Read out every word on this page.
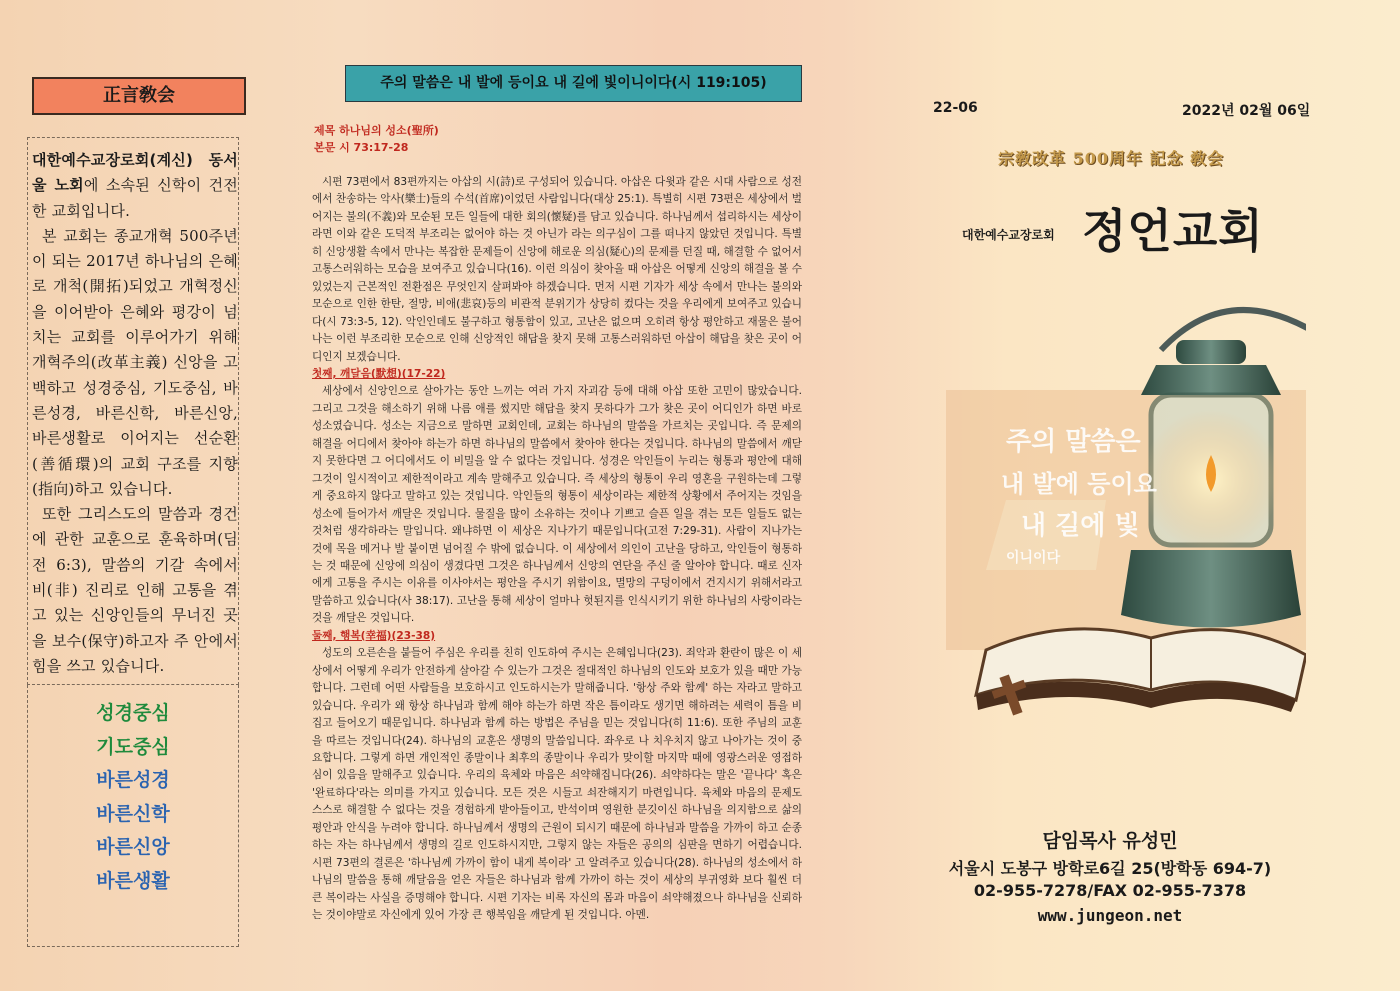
正言敎会

대한예수교장로회(계신) 동서울 노회에 소속된 신학이 건전한 교회입니다.

본 교회는 종교개혁 500주년이 되는 2017년 하나님의 은혜로 개척(開拓)되었고 개혁정신을 이어받아 은혜와 평강이 넘치는 교회를 이루어가기 위해 개혁주의(改革主義) 신앙을 고백하고 성경중심, 기도중심, 바른성경, 바른신학, 바른신앙, 바른생활로 이어지는 선순환(善循環)의 교회 구조를 지향(指向)하고 있습니다.

또한 그리스도의 말씀과 경건에 관한 교훈으로 훈육하며(딤전 6:3), 말씀의 기갈 속에서 비(非) 진리로 인해 고통을 겪고 있는 신앙인들의 무너진 곳을 보수(保守)하고자 주 안에서 힘을 쓰고 있습니다.

성경중심
기도중심
바른성경
바른신학
바른신앙
바른생활
주의 말씀은 내 발에 등이요 내 길에 빛이니이다(시 119:105)
제목 하나님의 성소(聖所)
본문 시 73:17-28

시편 73편에서 83편까지는 아삽의 시(詩)로 구성되어 있습니다. 아삽은 다윗과 같은 시대 사람으로 성전에서 찬송하는 악사(樂士)들의 수석(首席)이었던 사람입니다(대상 25:1). 특별히 시편 73편은 세상에서 벌어지는 불의(不義)와 모순된 모든 일들에 대한 회의(懷疑)를 담고 있습니다. 하나님께서 섭리하시는 세상이라면 이와 같은 도덕적 부조리는 없어야 하는 것 아닌가 라는 의구심이 그를 떠나지 않았던 것입니다. 특별히 신앙생활 속에서 만나는 복잡한 문제들이 신앙에 해로운 의심(疑心)의 문제를 던질 때, 해결할 수 없어서 고통스러워하는 모습을 보여주고 있습니다(16). 이런 의심이 찾아올 때 아삽은 어떻게 신앙의 해결을 볼 수 있었는지 근본적인 전환점은 무엇인지 살펴봐야 하겠습니다. 먼저 시편 기자가 세상 속에서 만나는 불의와 모순으로 인한 한탄, 절망, 비애(悲哀)등의 비관적 분위기가 상당히 컸다는 것을 우리에게 보여주고 있습니다(시 73:3-5, 12). 악인인데도 불구하고 형통함이 있고, 고난은 없으며 오히려 항상 평안하고 재물은 불어나는 이런 부조리한 모순으로 인해 신앙적인 해답을 찾지 못해 고통스러워하던 아삽이 해답을 찾은 곳이 어디인지 보겠습니다.

첫째, 깨달음(默想)(17-22)

세상에서 신앙인으로 살아가는 동안 느끼는 여러 가지 자괴감 등에 대해 아삽 또한 고민이 많았습니다. 그리고 그것을 해소하기 위해 나름 애를 썼지만 해답을 찾지 못하다가 그가 찾은 곳이 어디인가 하면 바로 성소였습니다. 성소는 지금으로 말하면 교회인데, 교회는 하나님의 말씀을 가르치는 곳입니다. 즉 문제의 해결을 어디에서 찾아야 하는가 하면 하나님의 말씀에서 찾아야 한다는 것입니다. 하나님의 말씀에서 깨닫지 못한다면 그 어디에서도 이 비밀을 알 수 없다는 것입니다. 성경은 악인들이 누리는 형통과 평안에 대해 그것이 일시적이고 제한적이라고 계속 말해주고 있습니다. 즉 세상의 형통이 우리 영혼을 구원하는데 그렇게 중요하지 않다고 말하고 있는 것입니다. 악인들의 형통이 세상이라는 제한적 상황에서 주어지는 것임을 성소에 들어가서 깨달은 것입니다. 물질을 많이 소유하는 것이나 기쁘고 슬픈 일을 겪는 모든 일들도 없는 것처럼 생각하라는 말입니다. 왜냐하면 이 세상은 지나가기 때문입니다(고전 7:29-31). 사람이 지나가는 것에 목을 메거나 발 붙이면 넘어질 수 밖에 없습니다. 이 세상에서 의인이 고난을 당하고, 악인들이 형통하는 것 때문에 신앙에 의심이 생겼다면 그것은 하나님께서 신앙의 연단을 주신 줄 알아야 합니다. 때로 신자에게 고통을 주시는 이유를 이사야서는 평안을 주시기 위함이요, 멸망의 구덩이에서 건지시기 위해서라고 말씀하고 있습니다(사 38:17). 고난을 통해 세상이 얼마나 헛된지를 인식시키기 위한 하나님의 사랑이라는 것을 깨달은 것입니다.

둘째, 행복(幸福)(23-38)

성도의 오른손을 붙들어 주심은 우리를 친히 인도하여 주시는 은혜입니다(23). 죄악과 환란이 많은 이 세상에서 어떻게 우리가 안전하게 살아갈 수 있는가 그것은 절대적인 하나님의 인도와 보호가 있을 때만 가능합니다. 그런데 어떤 사람들을 보호하시고 인도하시는가 말해줍니다. '항상 주와 함께' 하는 자라고 말하고 있습니다. 우리가 왜 항상 하나님과 함께 해야 하는가 하면 작은 틈이라도 생기면 해하려는 세력이 틈을 비집고 들어오기 때문입니다. 하나님과 함께 하는 방법은 주님을 믿는 것입니다(히 11:6). 또한 주님의 교훈을 따르는 것입니다(24). 하나님의 교훈은 생명의 말씀입니다. 좌우로 나 치우치지 않고 나아가는 것이 중요합니다. 그렇게 하면 개인적인 종말이나 최후의 종말이나 우리가 맞이할 마지막 때에 영광스러운 영접하심이 있음을 말해주고 있습니다. 우리의 육체와 마음은 쇠약해집니다(26). 쇠약하다는 말은 '끝나다' 혹은 '완료하다'라는 의미를 가지고 있습니다. 모든 것은 시들고 쇠잔해지기 마련입니다. 육체와 마음의 문제도 스스로 해결할 수 없다는 것을 경험하게 받아들이고, 반석이며 영원한 분깃이신 하나님을 의지함으로 삶의 평안과 안식을 누려야 합니다. 하나님께서 생명의 근원이 되시기 때문에 하나님과 말씀을 가까이 하고 순종하는 자는 하나님께서 생명의 길로 인도하시지만, 그렇지 않는 자들은 공의의 심판을 면하기 어렵습니다. 시편 73편의 결론은 '하나님께 가까이 함이 내게 복이라' 고 알려주고 있습니다(28). 하나님의 성소에서 하나님의 말씀을 통해 깨달음을 얻은 자들은 하나님과 함께 가까이 하는 것이 세상의 부귀영화 보다 훨씬 더 큰 복이라는 사실을 증명해야 합니다. 시편 기자는 비록 자신의 몸과 마음이 쇠약해졌으나 하나님을 신뢰하는 것이야말로 자신에게 있어 가장 큰 행복임을 깨닫게 된 것입니다. 아멘.

22-06	2022년 02월 06일
宗敎改革 500周年 記念 敎会
대한예수교장로회 정언교회
주의 말씀은
내 발에 등이요
내 길에 빛
이니이다
담임목사 유성민
서울시 도봉구 방학로6길 25(방학동 694-7)
02-955-7278/FAX 02-955-7378
www.jungeon.net
